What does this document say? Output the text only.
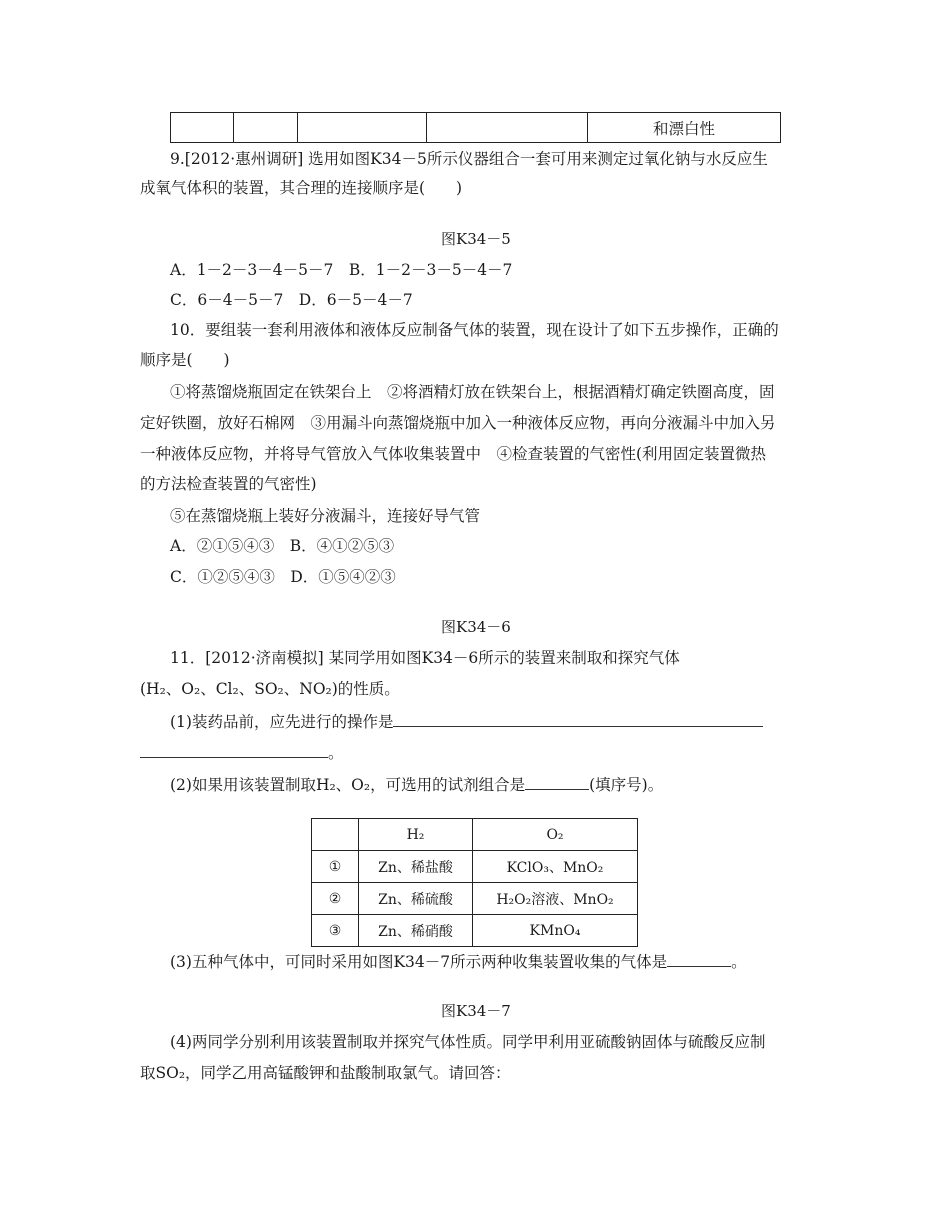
				和漂白性
9.[2012·惠州调研] 选用如图K34－5所示仪器组合一套可用来测定过氧化钠与水反应生
成氧气体积的装置，其合理的连接顺序是(　　)
图K34－5
A．1－2－3－4－5－7　B．1－2－3－5－4－7
C．6－4－5－7　D．6－5－4－7
10．要组装一套利用液体和液体反应制备气体的装置，现在设计了如下五步操作，正确的
顺序是(　　)
①将蒸馏烧瓶固定在铁架台上　②将酒精灯放在铁架台上，根据酒精灯确定铁圈高度，固
定好铁圈，放好石棉网　③用漏斗向蒸馏烧瓶中加入一种液体反应物，再向分液漏斗中加入另
一种液体反应物，并将导气管放入气体收集装置中　④检查装置的气密性(利用固定装置微热
的方法检查装置的气密性)
⑤在蒸馏烧瓶上装好分液漏斗，连接好导气管
A．②①⑤④③　B．④①②⑤③
C．①②⑤④③　D．①⑤④②③
图K34－6
11．[2012·济南模拟] 某同学用如图K34－6所示的装置来制取和探究气体
(H₂、O₂、Cl₂、SO₂、NO₂)的性质。
(1)装药品前，应先进行的操作是
。
(2)如果用该装置制取H₂、O₂，可选用的试剂组合是	(填序号)。
	H₂	O₂
①	Zn、稀盐酸	KClO₃、MnO₂
②	Zn、稀硫酸	H₂O₂溶液、MnO₂
③	Zn、稀硝酸	KMnO₄
(3)五种气体中，可同时采用如图K34－7所示两种收集装置收集的气体是	。
图K34－7
(4)两同学分别利用该装置制取并探究气体性质。同学甲利用亚硫酸钠固体与硫酸反应制
取SO₂，同学乙用高锰酸钾和盐酸制取氯气。请回答：
